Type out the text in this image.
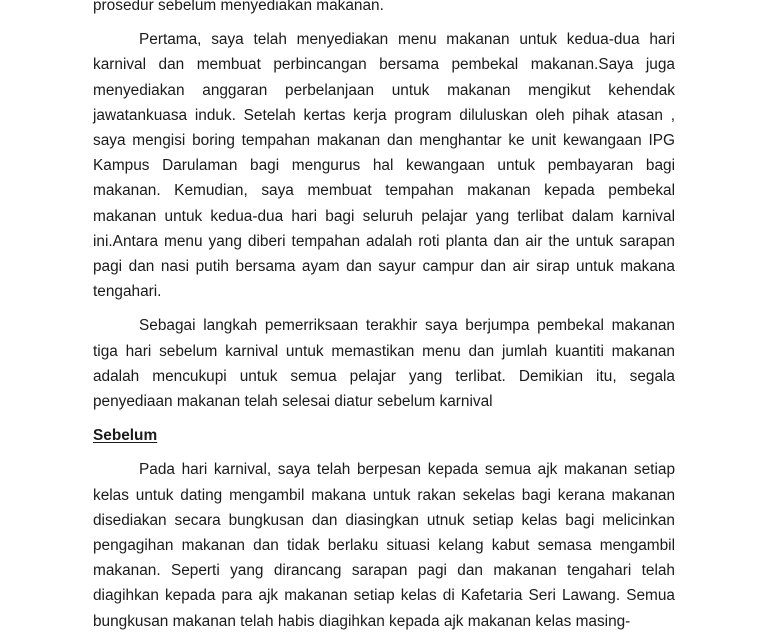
prosedur sebelum menyediakan makanan.

Pertama, saya telah menyediakan menu makanan untuk kedua-dua hari karnival dan membuat perbincangan bersama pembekal makanan.Saya juga menyediakan anggaran perbelanjaan untuk makanan mengikut kehendak jawatankuasa induk. Setelah kertas kerja program diluluskan oleh pihak atasan , saya mengisi boring tempahan makanan dan menghantar ke unit kewangaan IPG Kampus Darulaman bagi mengurus hal kewangaan untuk pembayaran bagi makanan. Kemudian, saya membuat tempahan makanan kepada pembekal makanan untuk kedua-dua hari bagi seluruh pelajar yang terlibat dalam karnival ini.Antara menu yang diberi tempahan adalah roti planta dan air the untuk sarapan pagi dan nasi putih bersama ayam dan sayur campur dan air sirap untuk makana tengahari.

Sebagai langkah pemerriksaan terakhir saya berjumpa pembekal makanan tiga hari sebelum karnival untuk memastikan menu dan jumlah kuantiti makanan adalah mencukupi untuk semua pelajar yang terlibat. Demikian itu, segala penyediaan makanan telah selesai diatur sebelum karnival

Sebelum

Pada hari karnival, saya telah berpesan kepada semua ajk makanan setiap kelas untuk dating mengambil makana untuk rakan sekelas bagi kerana makanan disediakan secara bungkusan dan diasingkan utnuk setiap kelas bagi melicinkan pengagihan makanan dan tidak berlaku situasi kelang kabut semasa mengambil makanan. Seperti yang dirancang sarapan pagi dan makanan tengahari telah diagihkan kepada para ajk makanan setiap kelas di Kafetaria Seri Lawang. Semua bungkusan makanan telah habis diagihkan kepada ajk makanan kelas masing-
